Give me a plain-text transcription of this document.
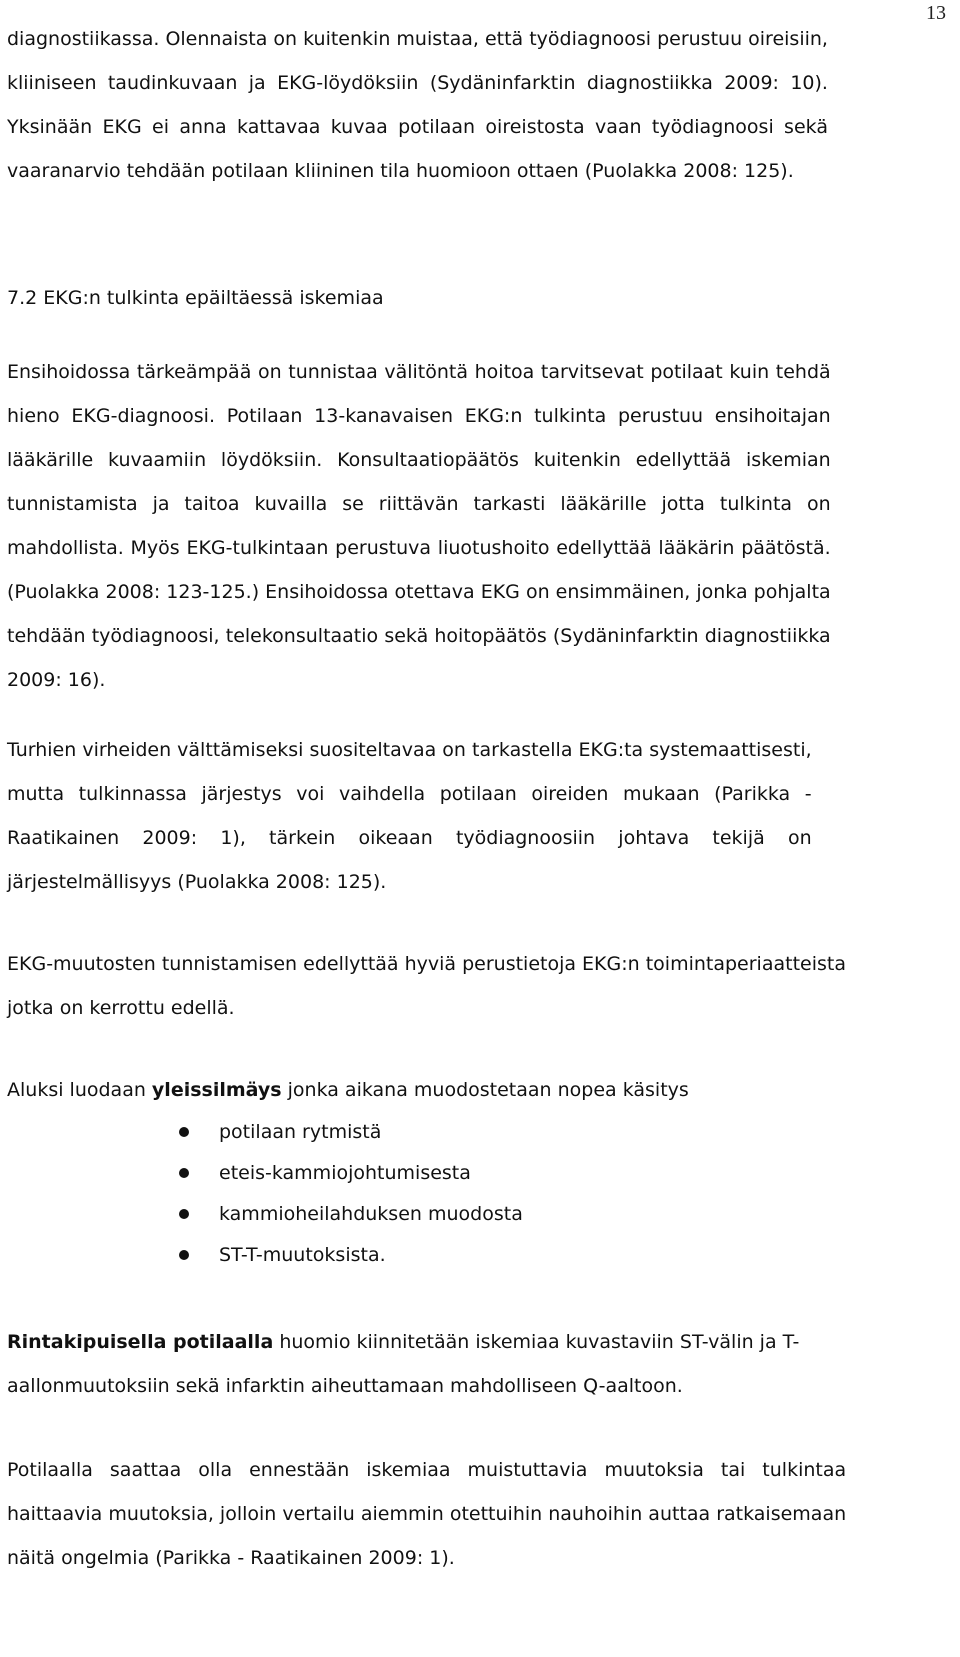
13

diagnostiikassa. Olennaista on kuitenkin muistaa, että työdiagnoosi perustuu oireisiin,
kliiniseen taudinkuvaan ja EKG-löydöksiin (Sydäninfarktin diagnostiikka 2009: 10).
Yksinään EKG ei anna kattavaa kuvaa potilaan oireistosta vaan työdiagnoosi sekä
vaaranarvio tehdään potilaan kliininen tila huomioon ottaen (Puolakka 2008: 125).

7.2 EKG:n tulkinta epäiltäessä iskemiaa

Ensihoidossa tärkeämpää on tunnistaa välitöntä hoitoa tarvitsevat potilaat kuin tehdä
hieno EKG-diagnoosi. Potilaan 13-kanavaisen EKG:n tulkinta perustuu ensihoitajan
lääkärille kuvaamiin löydöksiin. Konsultaatiopäätös kuitenkin edellyttää iskemian
tunnistamista ja taitoa kuvailla se riittävän tarkasti lääkärille jotta tulkinta on
mahdollista. Myös EKG-tulkintaan perustuva liuotushoito edellyttää lääkärin päätöstä.
(Puolakka 2008: 123-125.) Ensihoidossa otettava EKG on ensimmäinen, jonka pohjalta
tehdään työdiagnoosi, telekonsultaatio sekä hoitopäätös (Sydäninfarktin diagnostiikka
2009: 16).

Turhien virheiden välttämiseksi suositeltavaa on tarkastella EKG:ta systemaattisesti,
mutta tulkinnassa järjestys voi vaihdella potilaan oireiden mukaan (Parikka -
Raatikainen 2009: 1), tärkein oikeaan työdiagnoosiin johtava tekijä on
järjestelmällisyys (Puolakka 2008: 125).

EKG-muutosten tunnistamisen edellyttää hyviä perustietoja EKG:n toimintaperiaatteista
jotka on kerrottu edellä.

Aluksi luodaan yleissilmäys jonka aikana muodostetaan nopea käsitys

potilaan rytmistä
eteis-kammiojohtumisesta
kammioheilahduksen muodosta
ST-T-muutoksista.

Rintakipuisella potilaalla huomio kiinnitetään iskemiaa kuvastaviin ST-välin ja T-
aallonmuutoksiin sekä infarktin aiheuttamaan mahdolliseen Q-aaltoon.

Potilaalla saattaa olla ennestään iskemiaa muistuttavia muutoksia tai tulkintaa
haittaavia muutoksia, jolloin vertailu aiemmin otettuihin nauhoihin auttaa ratkaisemaan
näitä ongelmia (Parikka - Raatikainen 2009: 1).
